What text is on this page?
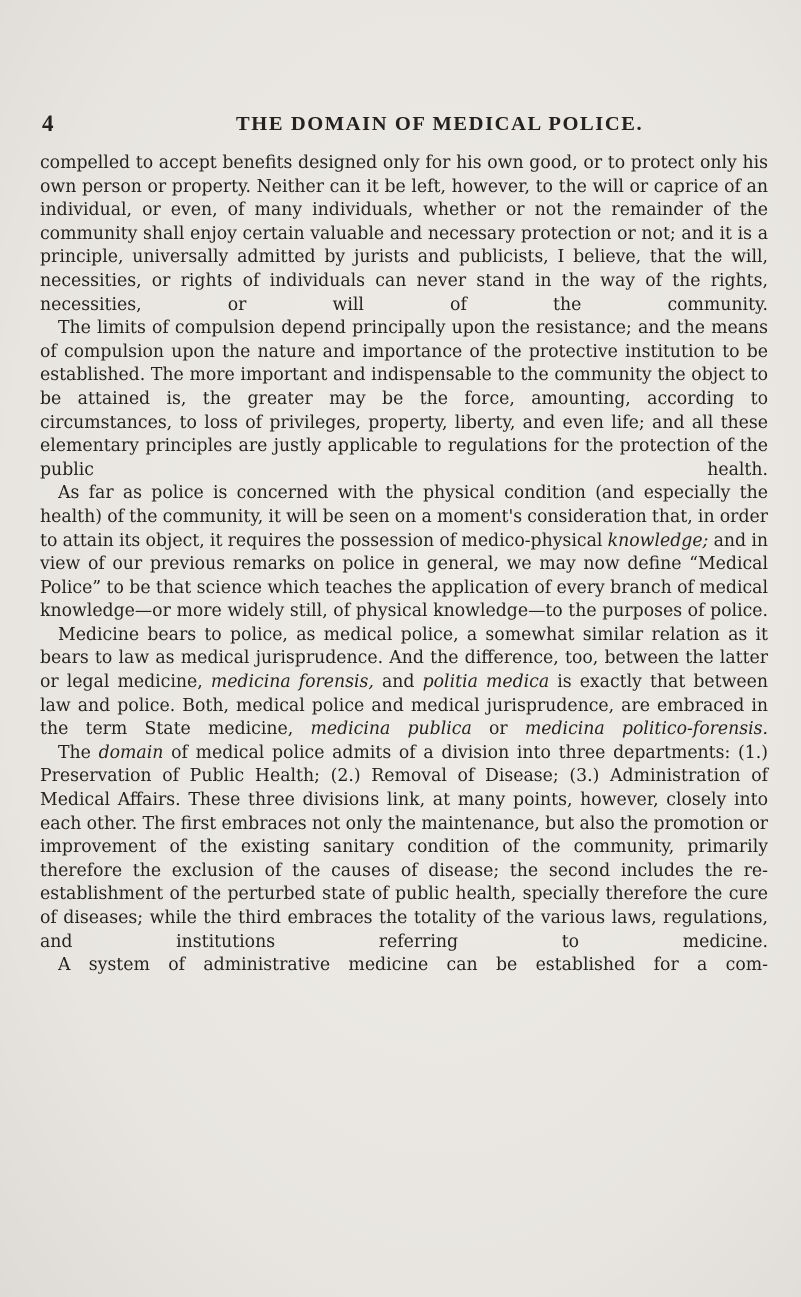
4	THE DOMAIN OF MEDICAL POLICE.

compelled to accept benefits designed only for his own good, or to protect only his own person or property. Neither can it be left, however, to the will or caprice of an individual, or even, of many individuals, whether or not the remainder of the community shall enjoy certain valuable and necessary protection or not; and it is a principle, universally admitted by jurists and publicists, I believe, that the will, necessities, or rights of individuals can never stand in the way of the rights, necessities, or will of the community.

The limits of compulsion depend principally upon the resistance; and the means of compulsion upon the nature and importance of the protective institution to be established. The more important and indispensable to the community the object to be attained is, the greater may be the force, amounting, according to circumstances, to loss of privileges, property, liberty, and even life; and all these elementary principles are justly applicable to regulations for the protection of the public health.

As far as police is concerned with the physical condition (and especially the health) of the community, it will be seen on a moment's consideration that, in order to attain its object, it requires the possession of medico-physical knowledge; and in view of our previous remarks on police in general, we may now define “Medical Police” to be that science which teaches the application of every branch of medical knowledge—or more widely still, of physical knowledge—to the purposes of police.

Medicine bears to police, as medical police, a somewhat similar relation as it bears to law as medical jurisprudence. And the difference, too, between the latter or legal medicine, medicina forensis, and politia medica is exactly that between law and police. Both, medical police and medical jurisprudence, are embraced in the term State medicine, medicina publica or medicina politico-forensis.

The domain of medical police admits of a division into three departments: (1.) Preservation of Public Health; (2.) Removal of Disease; (3.) Administration of Medical Affairs. These three divisions link, at many points, however, closely into each other. The first embraces not only the maintenance, but also the promotion or improvement of the existing sanitary condition of the community, primarily therefore the exclusion of the causes of disease; the second includes the re-establishment of the perturbed state of public health, specially therefore the cure of diseases; while the third embraces the totality of the various laws, regulations, and institutions referring to medicine.

A system of administrative medicine can be established for a com-
